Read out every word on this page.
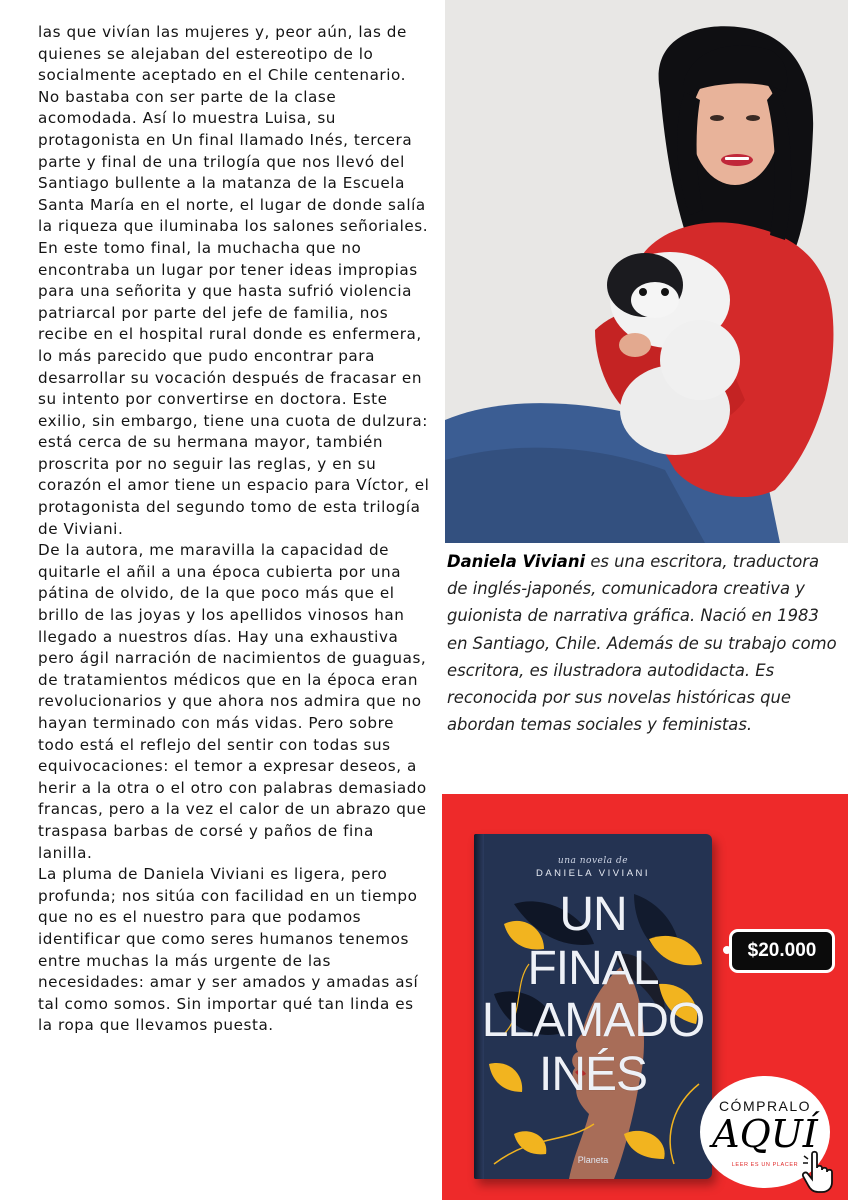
las que vivían las mujeres y, peor aún, las de quienes se alejaban del estereotipo de lo socialmente aceptado en el Chile centenario.

No bastaba con ser parte de la clase acomodada. Así lo muestra Luisa, su protagonista en Un final llamado Inés, tercera parte y final de una trilogía que nos llevó del Santiago bullente a la matanza de la Escuela Santa María en el norte, el lugar de donde salía la riqueza que iluminaba los salones señoriales. En este tomo final, la muchacha que no encontraba un lugar por tener ideas impropias para una señorita y que hasta sufrió violencia patriarcal por parte del jefe de familia, nos recibe en el hospital rural donde es enfermera, lo más parecido que pudo encontrar para desarrollar su vocación después de fracasar en su intento por convertirse en doctora. Este exilio, sin embargo, tiene una cuota de dulzura: está cerca de su hermana mayor, también proscrita por no seguir las reglas, y en su corazón el amor tiene un espacio para Víctor, el protagonista del segundo tomo de esta trilogía de Viviani.

De la autora, me maravilla la capacidad de quitarle el añil a una época cubierta por una pátina de olvido, de la que poco más que el brillo de las joyas y los apellidos vinosos han llegado a nuestros días. Hay una exhaustiva pero ágil narración de nacimientos de guaguas, de tratamientos médicos que en la época eran revolucionarios y que ahora nos admira que no hayan terminado con más vidas. Pero sobre todo está el reflejo del sentir con todas sus equivocaciones: el temor a expresar deseos, a herir a la otra o el otro con palabras demasiado francas, pero a la vez el calor de un abrazo que traspasa barbas de corsé y paños de fina lanilla.

La pluma de Daniela Viviani es ligera, pero profunda; nos sitúa con facilidad en un tiempo que no es el nuestro para que podamos identificar que como seres humanos tenemos entre muchas la más urgente de las necesidades: amar y ser amados y amadas así tal como somos. Sin importar qué tan linda es la ropa que llevamos puesta.

Daniela Viviani es una escritora, traductora de inglés-japonés, comunicadora creativa y guionista de narrativa gráfica. Nació en 1983 en Santiago, Chile. Además de su trabajo como escritora, es ilustradora autodidacta. Es reconocida por sus novelas históricas que abordan temas sociales y feministas.
una novela de
DANIELA VIVIANI
UN
FINAL
LLAMADO
INÉS
Planeta
$20.000
CÓMPRALO
AQUÍ
LEER ES UN PLACER
